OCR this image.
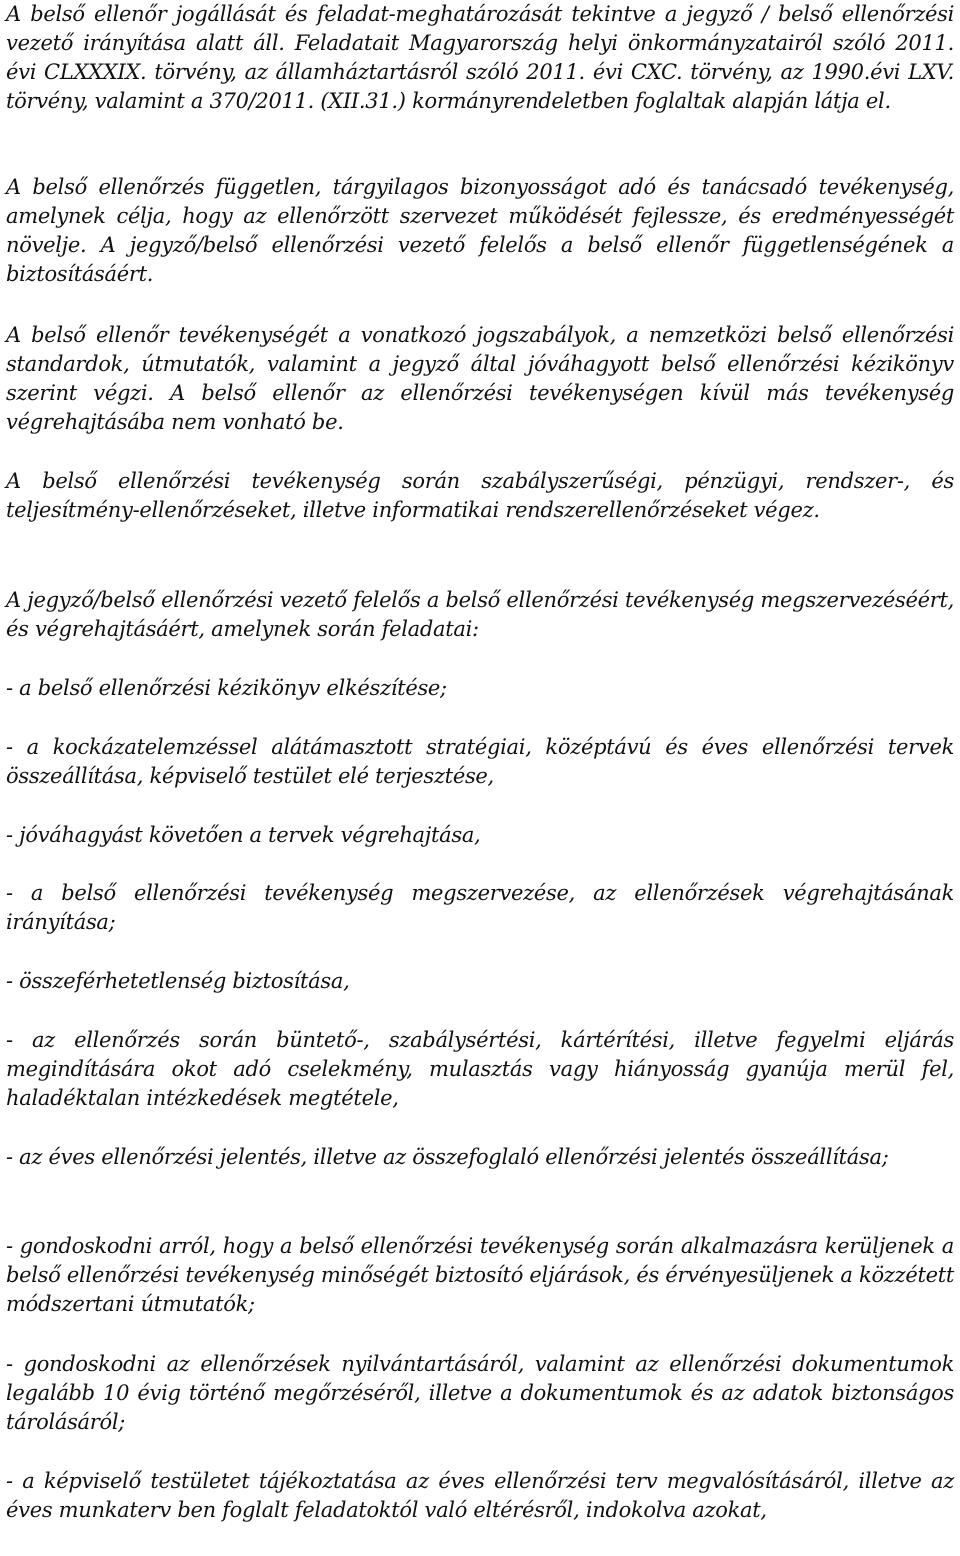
A belső ellenőr jogállását és feladat-meghatározását tekintve a jegyző / belső ellenőrzési vezető irányítása alatt áll. Feladatait Magyarország helyi önkormányzatairól szóló 2011. évi CLXXXIX. törvény, az államháztartásról szóló 2011. évi CXC. törvény, az 1990.évi LXV. törvény, valamint a 370/2011. (XII.31.) kormányrendeletben foglaltak alapján látja el.

A belső ellenőrzés független, tárgyilagos bizonyosságot adó és tanácsadó tevékenység, amelynek célja, hogy az ellenőrzött szervezet működését fejlessze, és eredményességét növelje. A jegyző/belső ellenőrzési vezető felelős a belső ellenőr függetlenségének a biztosításáért.

A belső ellenőr tevékenységét a vonatkozó jogszabályok, a nemzetközi belső ellenőrzési standardok, útmutatók, valamint a jegyző által jóváhagyott belső ellenőrzési kézikönyv szerint végzi. A belső ellenőr az ellenőrzési tevékenységen kívül más tevékenység végrehajtásába nem vonható be.

A belső ellenőrzési tevékenység során szabályszerűségi, pénzügyi, rendszer-, és teljesítmény-ellenőrzéseket, illetve informatikai rendszerellenőrzéseket végez.

A jegyző/belső ellenőrzési vezető felelős a belső ellenőrzési tevékenység megszervezéséért, és végrehajtásáért, amelynek során feladatai:

- a belső ellenőrzési kézikönyv elkészítése;

- a kockázatelemzéssel alátámasztott stratégiai, középtávú és éves ellenőrzési tervek összeállítása, képviselő testület elé terjesztése,

- jóváhagyást követően a tervek végrehajtása,

- a belső ellenőrzési tevékenység megszervezése, az ellenőrzések végrehajtásának irányítása;

- összeférhetetlenség biztosítása,

- az ellenőrzés során büntető-, szabálysértési, kártérítési, illetve fegyelmi eljárás megindítására okot adó cselekmény, mulasztás vagy hiányosság gyanúja merül fel, haladéktalan intézkedések megtétele,

- az éves ellenőrzési jelentés, illetve az összefoglaló ellenőrzési jelentés összeállítása;

- gondoskodni arról, hogy a belső ellenőrzési tevékenység során alkalmazásra kerüljenek a belső ellenőrzési tevékenység minőségét biztosító eljárások, és érvényesüljenek a közzétett módszertani útmutatók;

- gondoskodni az ellenőrzések nyilvántartásáról, valamint az ellenőrzési dokumentumok legalább 10 évig történő megőrzéséről, illetve a dokumentumok és az adatok biztonságos tárolásáról;

- a képviselő testületet tájékoztatása az éves ellenőrzési terv megvalósításáról, illetve az éves munkaterv ben foglalt feladatoktól való eltérésről, indokolva azokat,
